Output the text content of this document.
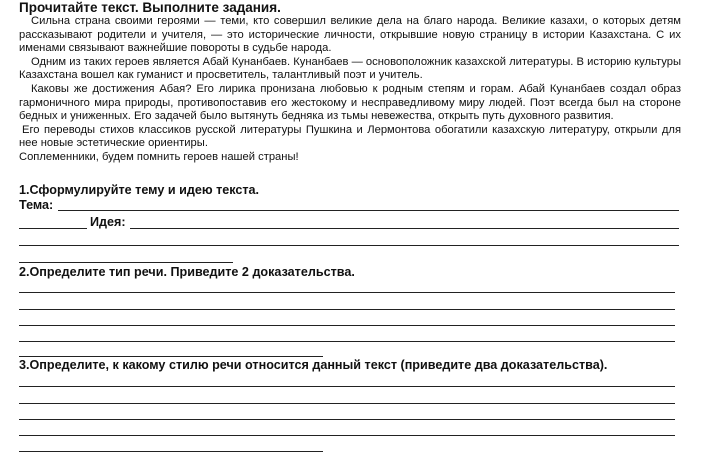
Прочитайте текст. Выполните задания.

Сильна страна своими героями — теми, кто совершил великие дела на благо народа. Великие казахи, о которых детям рассказывают родители и учителя, — это исторические личности, открывшие новую страницу в истории Казахстана. С их именами связывают важнейшие повороты в судьбе народа.

Одним из таких героев является Абай Кунанбаев. Кунанбаев — основоположник казахской литературы. В историю культуры Казахстана вошел как гуманист и просветитель, талантливый поэт и учитель.

Каковы же достижения Абая? Его лирика пронизана любовью к родным степям и горам. Абай Кунанбаев создал образ гармоничного мира природы, противопоставив его жестокому и несправедливому миру людей. Поэт всегда был на стороне бедных и униженных. Его задачей было вытянуть бедняка из тьмы невежества, открыть путь духовного развития.

Его переводы стихов классиков русской литературы Пушкина и Лермонтова обогатили казахскую литературу, открыли для нее новые эстетические ориентиры.

Соплеменники, будем помнить героев нашей страны!

1.Сформулируйте тему и идею текста.
Тема:
Идея:
2.Определите тип речи. Приведите 2 доказательства.
3.Определите, к какому стилю речи относится данный текст (приведите два доказательства).
